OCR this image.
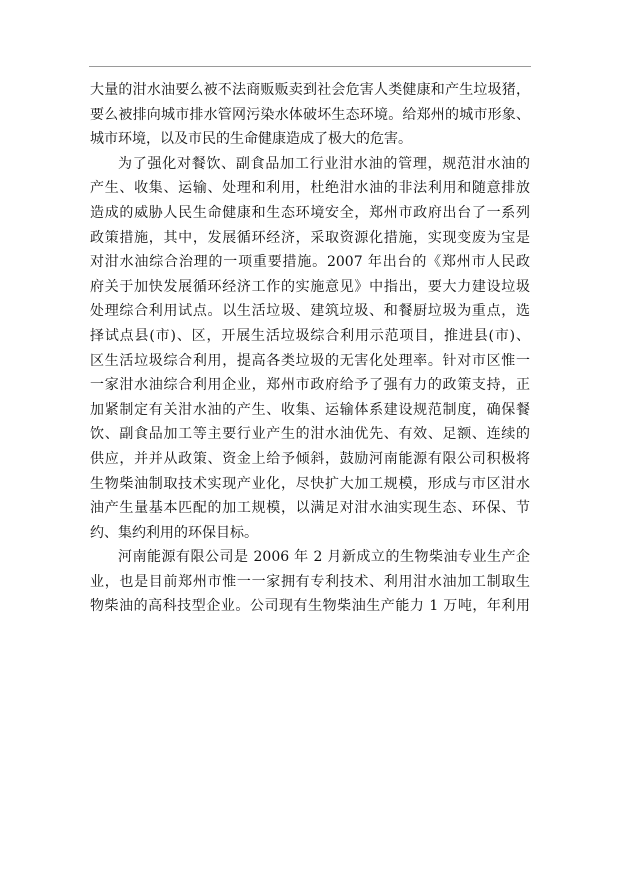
大量的泔水油要么被不法商贩贩卖到社会危害人类健康和产生垃圾猪，
要么被排向城市排水管网污染水体破坏生态环境。给郑州的城市形象、
城市环境，以及市民的生命健康造成了极大的危害。
为了强化对餐饮、副食品加工行业泔水油的管理，规范泔水油的
产生、收集、运输、处理和利用，杜绝泔水油的非法利用和随意排放
造成的威胁人民生命健康和生态环境安全，郑州市政府出台了一系列
政策措施，其中，发展循环经济，采取资源化措施，实现变废为宝是
对泔水油综合治理的一项重要措施。2007 年出台的《郑州市人民政
府关于加快发展循环经济工作的实施意见》中指出，要大力建设垃圾
处理综合利用试点。以生活垃圾、建筑垃圾、和餐厨垃圾为重点，选
择试点县(市)、区，开展生活垃圾综合利用示范项目，推进县(市)、
区生活垃圾综合利用，提高各类垃圾的无害化处理率。针对市区惟一
一家泔水油综合利用企业，郑州市政府给予了强有力的政策支持，正
加紧制定有关泔水油的产生、收集、运输体系建设规范制度，确保餐
饮、副食品加工等主要行业产生的泔水油优先、有效、足额、连续的
供应，并并从政策、资金上给予倾斜，鼓励河南能源有限公司积极将
生物柴油制取技术实现产业化，尽快扩大加工规模，形成与市区泔水
油产生量基本匹配的加工规模，以满足对泔水油实现生态、环保、节
约、集约利用的环保目标。
河南能源有限公司是 2006 年 2 月新成立的生物柴油专业生产企
业，也是目前郑州市惟一一家拥有专利技术、利用泔水油加工制取生
物柴油的高科技型企业。公司现有生物柴油生产能力 1 万吨，年利用
